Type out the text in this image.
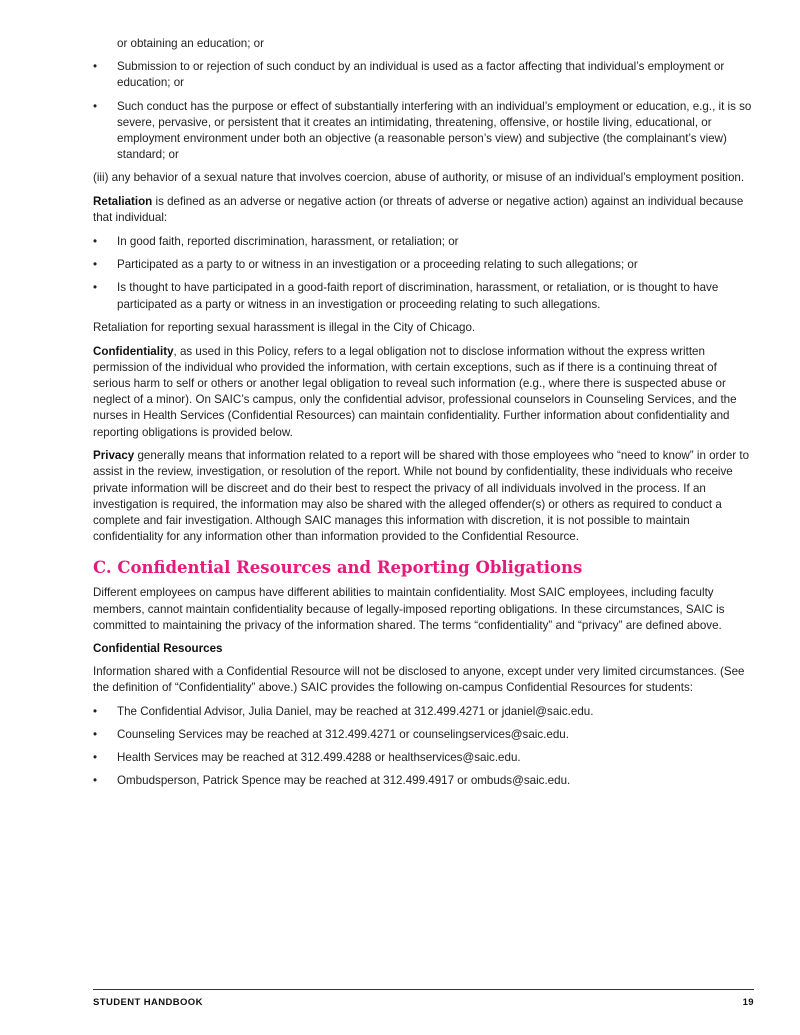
or obtaining an education; or

• Submission to or rejection of such conduct by an individual is used as a factor affecting that individual’s employment or education; or
• Such conduct has the purpose or effect of substantially interfering with an individual’s employment or education, e.g., it is so severe, pervasive, or persistent that it creates an intimidating, threatening, offensive, or hostile living, educational, or employment environment under both an objective (a reasonable person’s view) and subjective (the complainant’s view) standard; or

(iii) any behavior of a sexual nature that involves coercion, abuse of authority, or misuse of an individual’s employment position.

Retaliation is defined as an adverse or negative action (or threats of adverse or negative action) against an individual because that individual:

• In good faith, reported discrimination, harassment, or retaliation; or
• Participated as a party to or witness in an investigation or a proceeding relating to such allegations; or
• Is thought to have participated in a good-faith report of discrimination, harassment, or retaliation, or is thought to have participated as a party or witness in an investigation or proceeding relating to such allegations.

Retaliation for reporting sexual harassment is illegal in the City of Chicago.

Confidentiality, as used in this Policy, refers to a legal obligation not to disclose information without the express written permission of the individual who provided the information, with certain exceptions, such as if there is a continuing threat of serious harm to self or others or another legal obligation to reveal such information (e.g., where there is suspected abuse or neglect of a minor). On SAIC’s campus, only the confidential advisor, professional counselors in Counseling Services, and the nurses in Health Services (Confidential Resources) can maintain confidentiality. Further information about confidentiality and reporting obligations is provided below.

Privacy generally means that information related to a report will be shared with those employees who “need to know” in order to assist in the review, investigation, or resolution of the report. While not bound by confidentiality, these individuals who receive private information will be discreet and do their best to respect the privacy of all individuals involved in the process. If an investigation is required, the information may also be shared with the alleged offender(s) or others as required to conduct a complete and fair investigation. Although SAIC manages this information with discretion, it is not possible to maintain confidentiality for any information other than information provided to the Confidential Resource.

C. Confidential Resources and Reporting Obligations

Different employees on campus have different abilities to maintain confidentiality. Most SAIC employees, including faculty members, cannot maintain confidentiality because of legally-imposed reporting obligations. In these circumstances, SAIC is committed to maintaining the privacy of the information shared. The terms “confidentiality” and “privacy” are defined above.

Confidential Resources

Information shared with a Confidential Resource will not be disclosed to anyone, except under very limited circumstances. (See the definition of “Confidentiality” above.) SAIC provides the following on-campus Confidential Resources for students:

• The Confidential Advisor, Julia Daniel, may be reached at 312.499.4271 or jdaniel@saic.edu.
• Counseling Services may be reached at 312.499.4271 or counselingservices@saic.edu.
• Health Services may be reached at 312.499.4288 or healthservices@saic.edu.
• Ombudsperson, Patrick Spence may be reached at 312.499.4917 or ombuds@saic.edu.
STUDENT HANDBOOK	19
